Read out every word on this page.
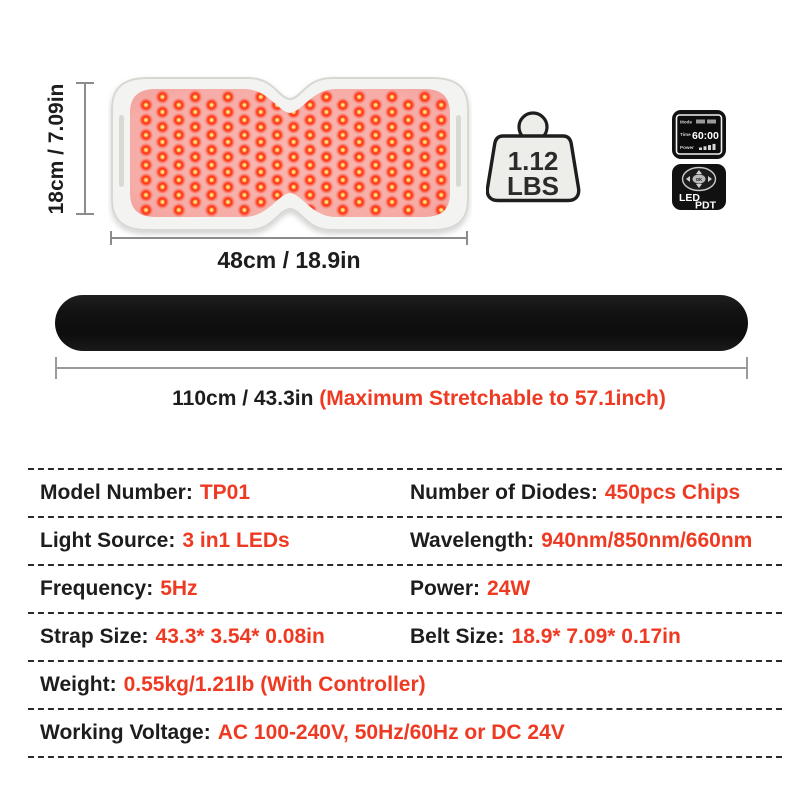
18cm / 7.09in
48cm / 18.9in
1.12
LBS
Mode
Time 60:00
Power
OK
LED
PDT
110cm / 43.3in (Maximum Stretchable to 57.1inch)
Model Number: TP01	Number of Diodes: 450pcs Chips
Light Source: 3 in1 LEDs	Wavelength: 940nm/850nm/660nm
Frequency: 5Hz	Power: 24W
Strap Size: 43.3* 3.54* 0.08in	Belt Size: 18.9* 7.09* 0.17in
Weight: 0.55kg/1.21lb (With Controller)
Working Voltage: AC 100-240V, 50Hz/60Hz or DC 24V
